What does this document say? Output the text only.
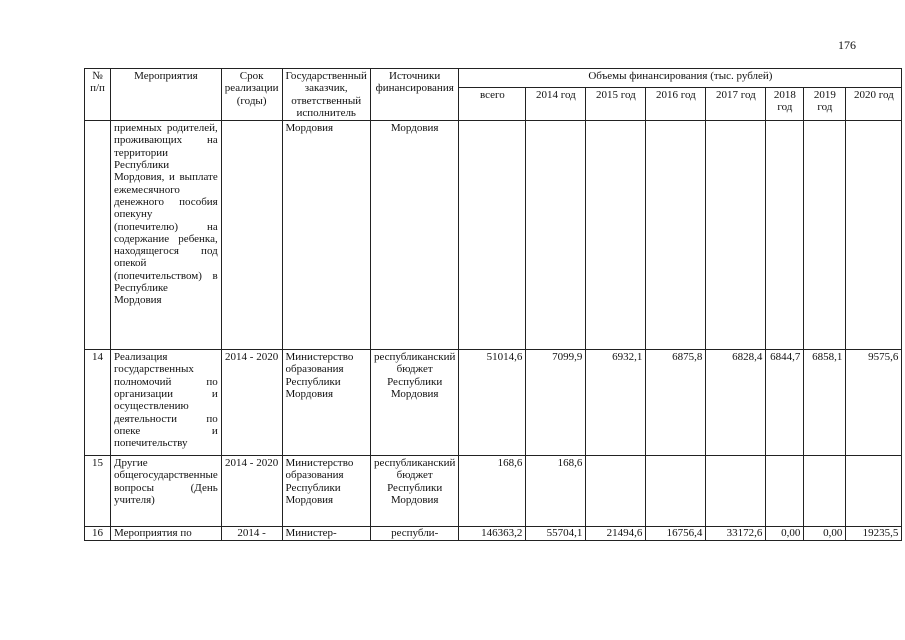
176
№ п/п	Мероприятия	Срок реализации (годы)	Государственный заказчик, ответственный исполнитель	Источники финансирования	Объемы финансирования (тыс. рублей)							
					всего	2014 год	2015 год	2016 год	2017 год	2018 год	2019 год	2020 год
	приемных родителей, проживающих на территории Республики Мордовия, и выплате ежемесячного денежного пособия опекуну (попечителю) на содержание ребенка, находящегося под опекой (попечительством) в Республике Мордовия		Мордовия	Мордовия								
14	Реализация государственных полномочий по организации и осуществлению деятельности по опеке и попечительству	2014 - 2020	Министерство образования Республики Мордовия	республиканский бюджет Республики Мордовия	51014,6	7099,9	6932,1	6875,8	6828,4	6844,7	6858,1	9575,6
15	Другие общегосударственные вопросы (День учителя)	2014 - 2020	Министерство образования Республики Мордовия	республиканский бюджет Республики Мордовия	168,6	168,6						
16	Мероприятия по	2014 -	Министер-	республи-	146363,2	55704,1	21494,6	16756,4	33172,6	0,00	0,00	19235,5
